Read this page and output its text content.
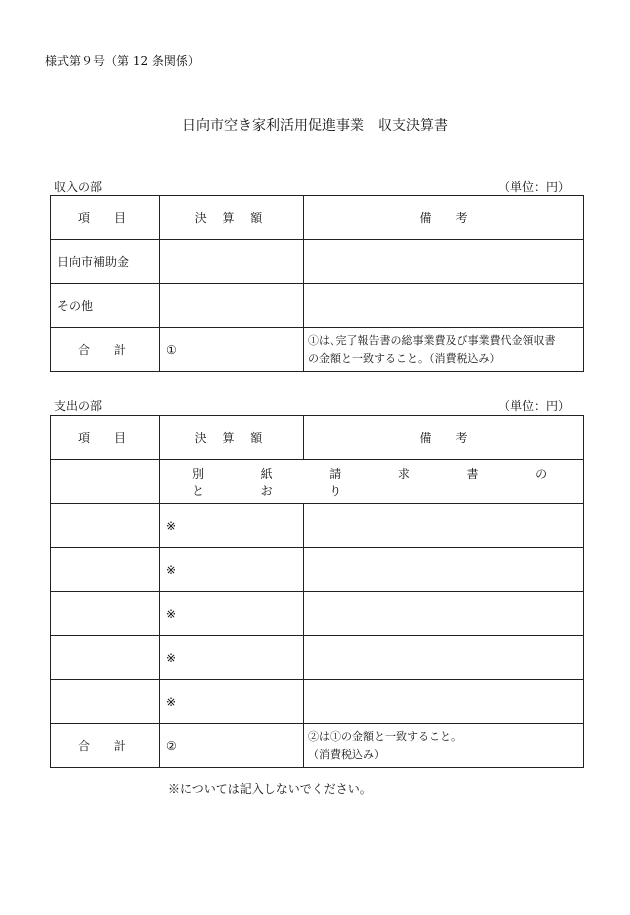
様式第９号（第 12 条関係）
日向市空き家利活用促進事業　収支決算書
収入の部	（単位：円）
項　目	決 算 額	備　　考
日向市補助金		
その他		
合　計	①	①は､完了報告書の総事業費及び事業費代金領収書
の金額と一致すること。（消費税込み）
支出の部	（単位：円）
項　目	決 算 額	備　　考
	別 紙 請 求 書 の と お り	
	※	
	※	
	※	
	※	
	※	
合　計	②	②は①の金額と一致すること。
（消費税込み）
※については記入しないでください。
